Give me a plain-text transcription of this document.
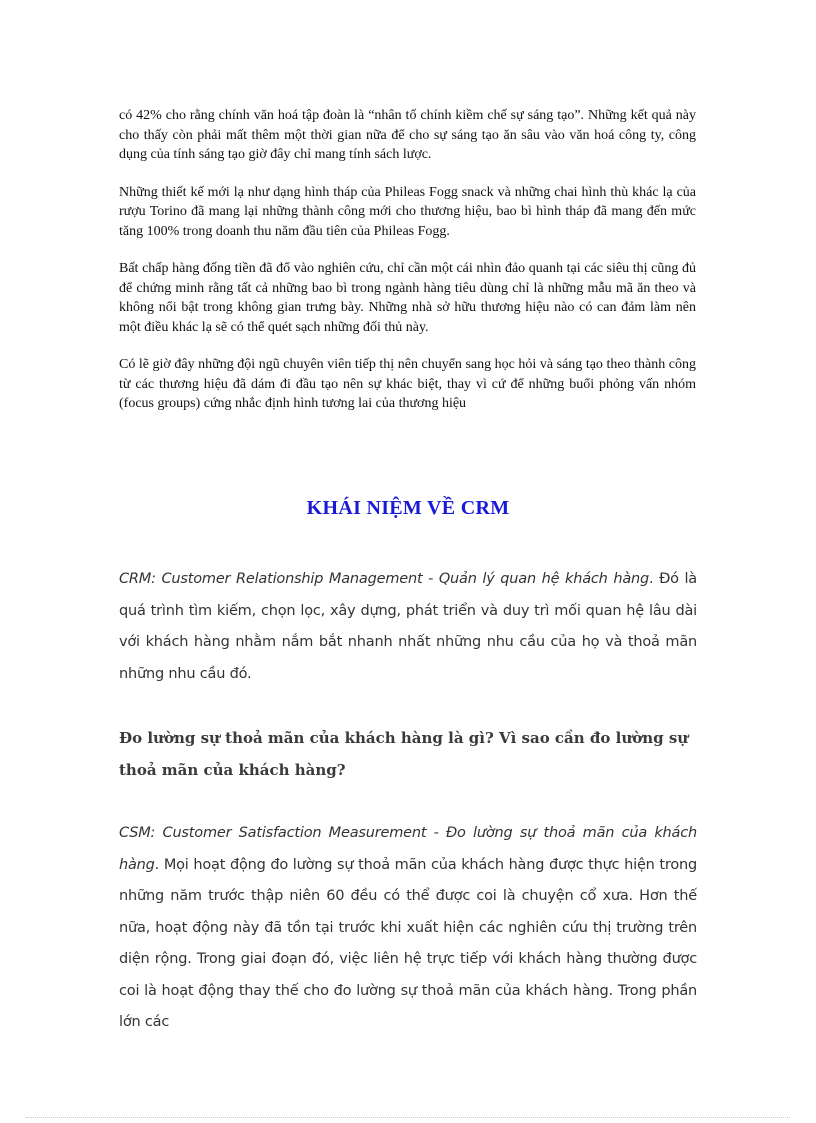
có 42% cho rằng chính văn hoá tập đoàn là “nhân tố chính kiềm chế sự sáng tạo”. Những kết quả này cho thấy còn phải mất thêm một thời gian nữa để cho sự sáng tạo ăn sâu vào văn hoá công ty, công dụng của tính sáng tạo giờ đây chỉ mang tính sách lược.

Những thiết kế mới lạ như dạng hình tháp của Phileas Fogg snack và những chai hình thù khác lạ của rượu Torino đã mang lại những thành công mới cho thương hiệu, bao bì hình tháp đã mang đến mức tăng 100% trong doanh thu năm đầu tiên của Phileas Fogg.

Bất chấp hàng đống tiền đã đổ vào nghiên cứu, chỉ cần một cái nhìn đảo quanh tại các siêu thị cũng đủ để chứng minh rằng tất cả những bao bì trong ngành hàng tiêu dùng chỉ là những mẫu mã ăn theo và không nổi bật trong không gian trưng bày. Những nhà sở hữu thương hiệu nào có can đảm làm nên một điều khác lạ sẽ có thể quét sạch những đối thủ này.

Có lẽ giờ đây những đội ngũ chuyên viên tiếp thị nên chuyển sang học hỏi và sáng tạo theo thành công từ các thương hiệu đã dám đi đầu tạo nên sự khác biệt, thay vì cứ để những buổi phỏng vấn nhóm (focus groups) cứng nhắc định hình tương lai của thương hiệu

KHÁI NIỆM VỀ CRM

CRM: Customer Relationship Management - Quản lý quan hệ khách hàng. Đó là quá trình tìm kiếm, chọn lọc, xây dựng, phát triển và duy trì mối quan hệ lâu dài với khách hàng nhằm nắm bắt nhanh nhất những nhu cầu của họ và thoả mãn những nhu cầu đó.

Đo lường sự thoả mãn của khách hàng là gì? Vì sao cần đo lường sự thoả mãn của khách hàng?

CSM: Customer Satisfaction Measurement - Đo lường sự thoả mãn của khách hàng. Mọi hoạt động đo lường sự thoả mãn của khách hàng được thực hiện trong những năm trước thập niên 60 đều có thể được coi là chuyện cổ xưa. Hơn thế nữa, hoạt động này đã tồn tại trước khi xuất hiện các nghiên cứu thị trường trên diện rộng. Trong giai đoạn đó, việc liên hệ trực tiếp với khách hàng thường được coi là hoạt động thay thế cho đo lường sự thoả mãn của khách hàng. Trong phần lớn các
